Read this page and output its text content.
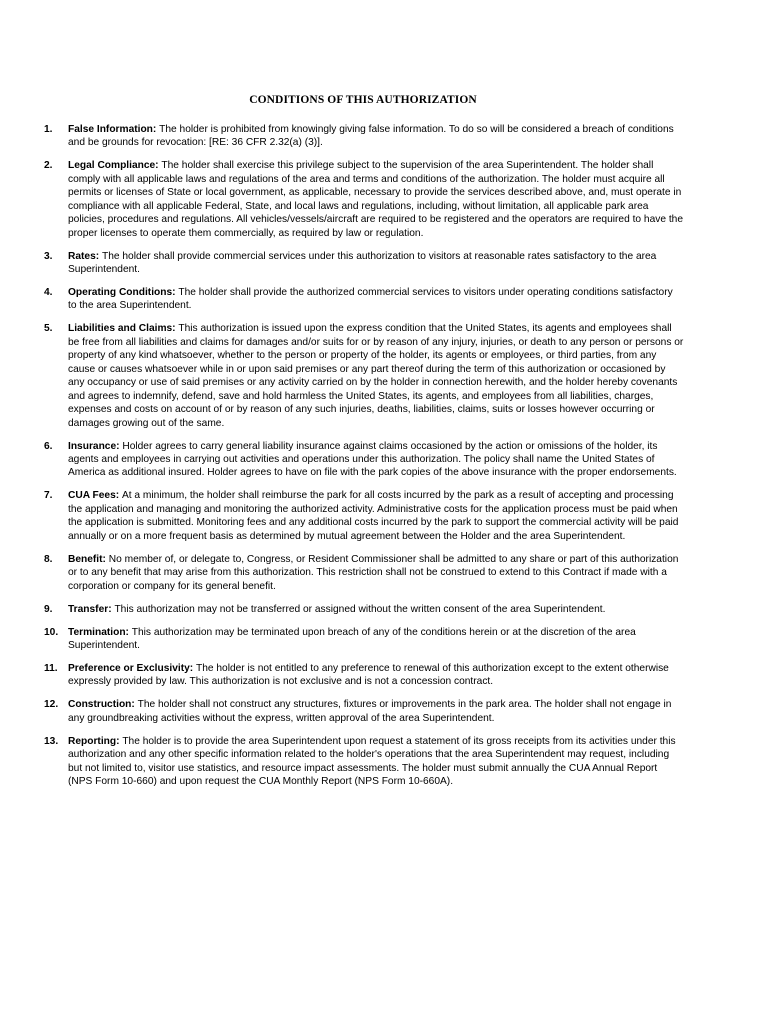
CONDITIONS OF THIS AUTHORIZATION
1. False Information: The holder is prohibited from knowingly giving false information. To do so will be considered a breach of conditions and be grounds for revocation: [RE: 36 CFR 2.32(a) (3)].
2. Legal Compliance: The holder shall exercise this privilege subject to the supervision of the area Superintendent. The holder shall comply with all applicable laws and regulations of the area and terms and conditions of the authorization. The holder must acquire all permits or licenses of State or local government, as applicable, necessary to provide the services described above, and, must operate in compliance with all applicable Federal, State, and local laws and regulations, including, without limitation, all applicable park area policies, procedures and regulations. All vehicles/vessels/aircraft are required to be registered and the operators are required to have the proper licenses to operate them commercially, as required by law or regulation.
3. Rates: The holder shall provide commercial services under this authorization to visitors at reasonable rates satisfactory to the area Superintendent.
4. Operating Conditions: The holder shall provide the authorized commercial services to visitors under operating conditions satisfactory to the area Superintendent.
5. Liabilities and Claims: This authorization is issued upon the express condition that the United States, its agents and employees shall be free from all liabilities and claims for damages and/or suits for or by reason of any injury, injuries, or death to any person or persons or property of any kind whatsoever, whether to the person or property of the holder, its agents or employees, or third parties, from any cause or causes whatsoever while in or upon said premises or any part thereof during the term of this authorization or occasioned by any occupancy or use of said premises or any activity carried on by the holder in connection herewith, and the holder hereby covenants and agrees to indemnify, defend, save and hold harmless the United States, its agents, and employees from all liabilities, charges, expenses and costs on account of or by reason of any such injuries, deaths, liabilities, claims, suits or losses however occurring or damages growing out of the same.
6. Insurance: Holder agrees to carry general liability insurance against claims occasioned by the action or omissions of the holder, its agents and employees in carrying out activities and operations under this authorization. The policy shall name the United States of America as additional insured. Holder agrees to have on file with the park copies of the above insurance with the proper endorsements.
7. CUA Fees: At a minimum, the holder shall reimburse the park for all costs incurred by the park as a result of accepting and processing the application and managing and monitoring the authorized activity. Administrative costs for the application process must be paid when the application is submitted. Monitoring fees and any additional costs incurred by the park to support the commercial activity will be paid annually or on a more frequent basis as determined by mutual agreement between the Holder and the area Superintendent.
8. Benefit: No member of, or delegate to, Congress, or Resident Commissioner shall be admitted to any share or part of this authorization or to any benefit that may arise from this authorization. This restriction shall not be construed to extend to this Contract if made with a corporation or company for its general benefit.
9. Transfer: This authorization may not be transferred or assigned without the written consent of the area Superintendent.
10. Termination: This authorization may be terminated upon breach of any of the conditions herein or at the discretion of the area Superintendent.
11. Preference or Exclusivity: The holder is not entitled to any preference to renewal of this authorization except to the extent otherwise expressly provided by law. This authorization is not exclusive and is not a concession contract.
12. Construction: The holder shall not construct any structures, fixtures or improvements in the park area. The holder shall not engage in any groundbreaking activities without the express, written approval of the area Superintendent.
13. Reporting: The holder is to provide the area Superintendent upon request a statement of its gross receipts from its activities under this authorization and any other specific information related to the holder's operations that the area Superintendent may request, including but not limited to, visitor use statistics, and resource impact assessments. The holder must submit annually the CUA Annual Report (NPS Form 10-660) and upon request the CUA Monthly Report (NPS Form 10-660A).
